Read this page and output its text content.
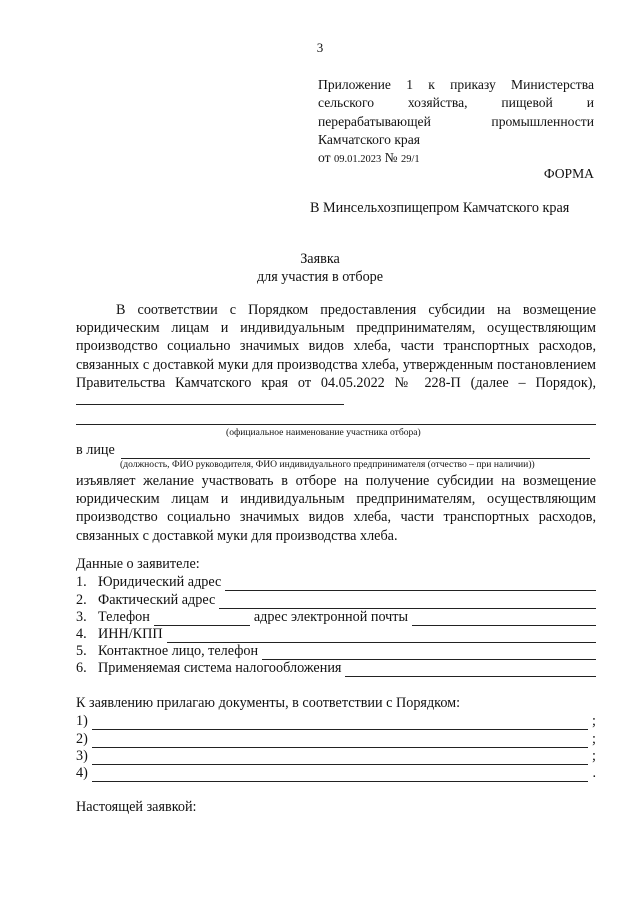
3
Приложение 1 к приказу Министерства
сельского хозяйства, пищевой и
перерабатывающей промышленности
Камчатского края
от 09.01.2023 № 29/1
ФОРМА
В Минсельхозпищепром Камчатского края
Заявка
для участия в отборе
В соответствии с Порядком предоставления субсидии на возмещение юридическим лицам и индивидуальным предпринимателям, осуществляющим производство социально значимых видов хлеба, части транспортных расходов, связанных с доставкой муки для производства хлеба, утвержденным постановлением Правительства Камчатского края от 04.05.2022 № 228-П (далее – Порядок),
(официальное наименование участника отбора)
в лице
(должность, ФИО руководителя, ФИО индивидуального предпринимателя (отчество – при наличии))
изъявляет желание участвовать в отборе на получение субсидии на возмещение юридическим лицам и индивидуальным предпринимателям, осуществляющим производство социально значимых видов хлеба, части транспортных расходов, связанных с доставкой муки для производства хлеба.
Данные о заявителе:
1. Юридический адрес
2. Фактический адрес
3. Телефон	адрес электронной почты
4. ИНН/КПП
5. Контактное лицо, телефон
6. Применяемая система налогообложения
К заявлению прилагаю документы, в соответствии с Порядком:
1)	;
2)	;
3)	;
4)	.
Настоящей заявкой:
